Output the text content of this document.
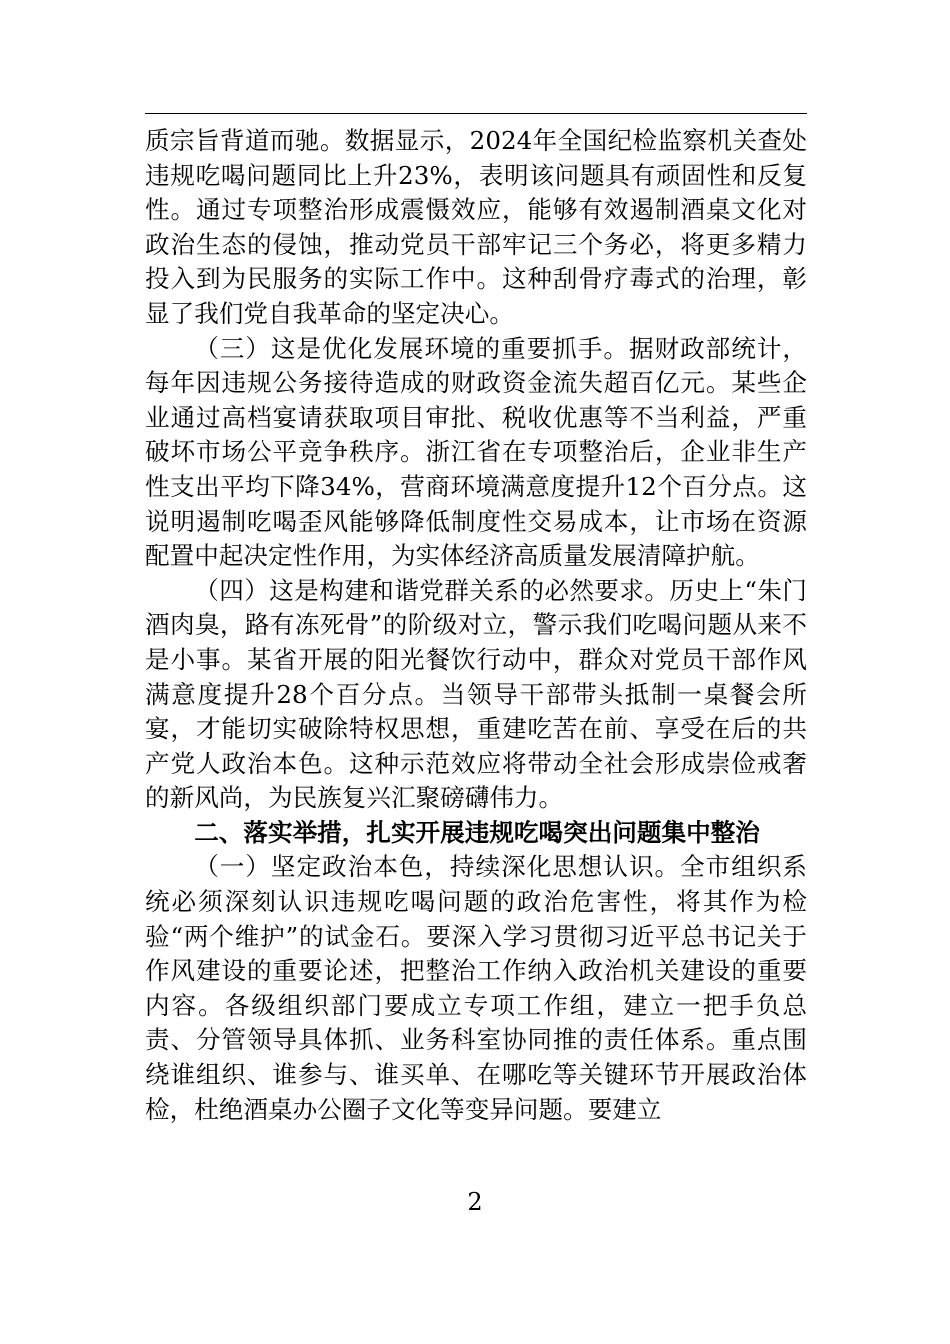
质宗旨背道而驰。数据显示，2024年全国纪检监察机关查处违规吃喝问题同比上升23%，表明该问题具有顽固性和反复性。通过专项整治形成震慑效应，能够有效遏制酒桌文化对政治生态的侵蚀，推动党员干部牢记三个务必，将更多精力投入到为民服务的实际工作中。这种刮骨疗毒式的治理，彰显了我们党自我革命的坚定决心。

（三）这是优化发展环境的重要抓手。据财政部统计，每年因违规公务接待造成的财政资金流失超百亿元。某些企业通过高档宴请获取项目审批、税收优惠等不当利益，严重破坏市场公平竞争秩序。浙江省在专项整治后，企业非生产性支出平均下降34%，营商环境满意度提升12个百分点。这说明遏制吃喝歪风能够降低制度性交易成本，让市场在资源配置中起决定性作用，为实体经济高质量发展清障护航。

（四）这是构建和谐党群关系的必然要求。历史上“朱门酒肉臭，路有冻死骨”的阶级对立，警示我们吃喝问题从来不是小事。某省开展的阳光餐饮行动中，群众对党员干部作风满意度提升28个百分点。当领导干部带头抵制一桌餐会所宴，才能切实破除特权思想，重建吃苦在前、享受在后的共产党人政治本色。这种示范效应将带动全社会形成崇俭戒奢的新风尚，为民族复兴汇聚磅礴伟力。

二、落实举措，扎实开展违规吃喝突出问题集中整治

（一）坚定政治本色，持续深化思想认识。全市组织系统必须深刻认识违规吃喝问题的政治危害性，将其作为检验“两个维护”的试金石。要深入学习贯彻习近平总书记关于作风建设的重要论述，把整治工作纳入政治机关建设的重要内容。各级组织部门要成立专项工作组，建立一把手负总责、分管领导具体抓、业务科室协同推的责任体系。重点围绕谁组织、谁参与、谁买单、在哪吃等关键环节开展政治体检，杜绝酒桌办公圈子文化等变异问题。要建立

2
